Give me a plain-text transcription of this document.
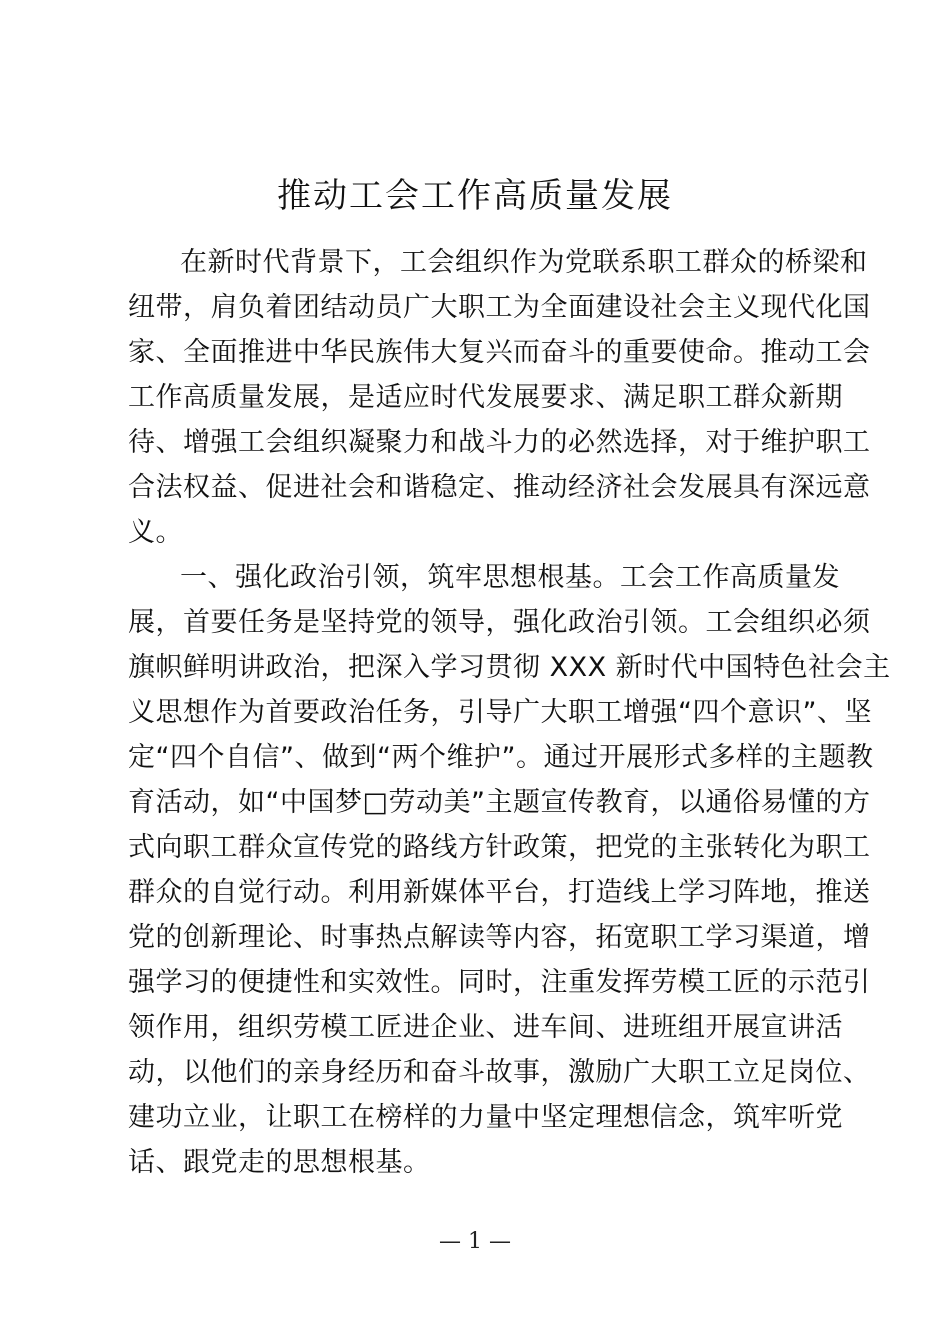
推动工会工作高质量发展
在新时代背景下，工会组织作为党联系职工群众的桥梁和
纽带，肩负着团结动员广大职工为全面建设社会主义现代化国
家、全面推进中华民族伟大复兴而奋斗的重要使命。推动工会
工作高质量发展，是适应时代发展要求、满足职工群众新期
待、增强工会组织凝聚力和战斗力的必然选择，对于维护职工
合法权益、促进社会和谐稳定、推动经济社会发展具有深远意
义。
一、强化政治引领，筑牢思想根基。工会工作高质量发
展，首要任务是坚持党的领导，强化政治引领。工会组织必须
旗帜鲜明讲政治，把深入学习贯彻 XXX 新时代中国特色社会主
义思想作为首要政治任务，引导广大职工增强“四个意识”、坚
定“四个自信”、做到“两个维护”。通过开展形式多样的主题教
育活动，如“中国梦□劳动美”主题宣传教育，以通俗易懂的方
式向职工群众宣传党的路线方针政策，把党的主张转化为职工
群众的自觉行动。利用新媒体平台，打造线上学习阵地，推送
党的创新理论、时事热点解读等内容，拓宽职工学习渠道，增
强学习的便捷性和实效性。同时，注重发挥劳模工匠的示范引
领作用，组织劳模工匠进企业、进车间、进班组开展宣讲活
动，以他们的亲身经历和奋斗故事，激励广大职工立足岗位、
建功立业，让职工在榜样的力量中坚定理想信念，筑牢听党
话、跟党走的思想根基。
— 1 —
